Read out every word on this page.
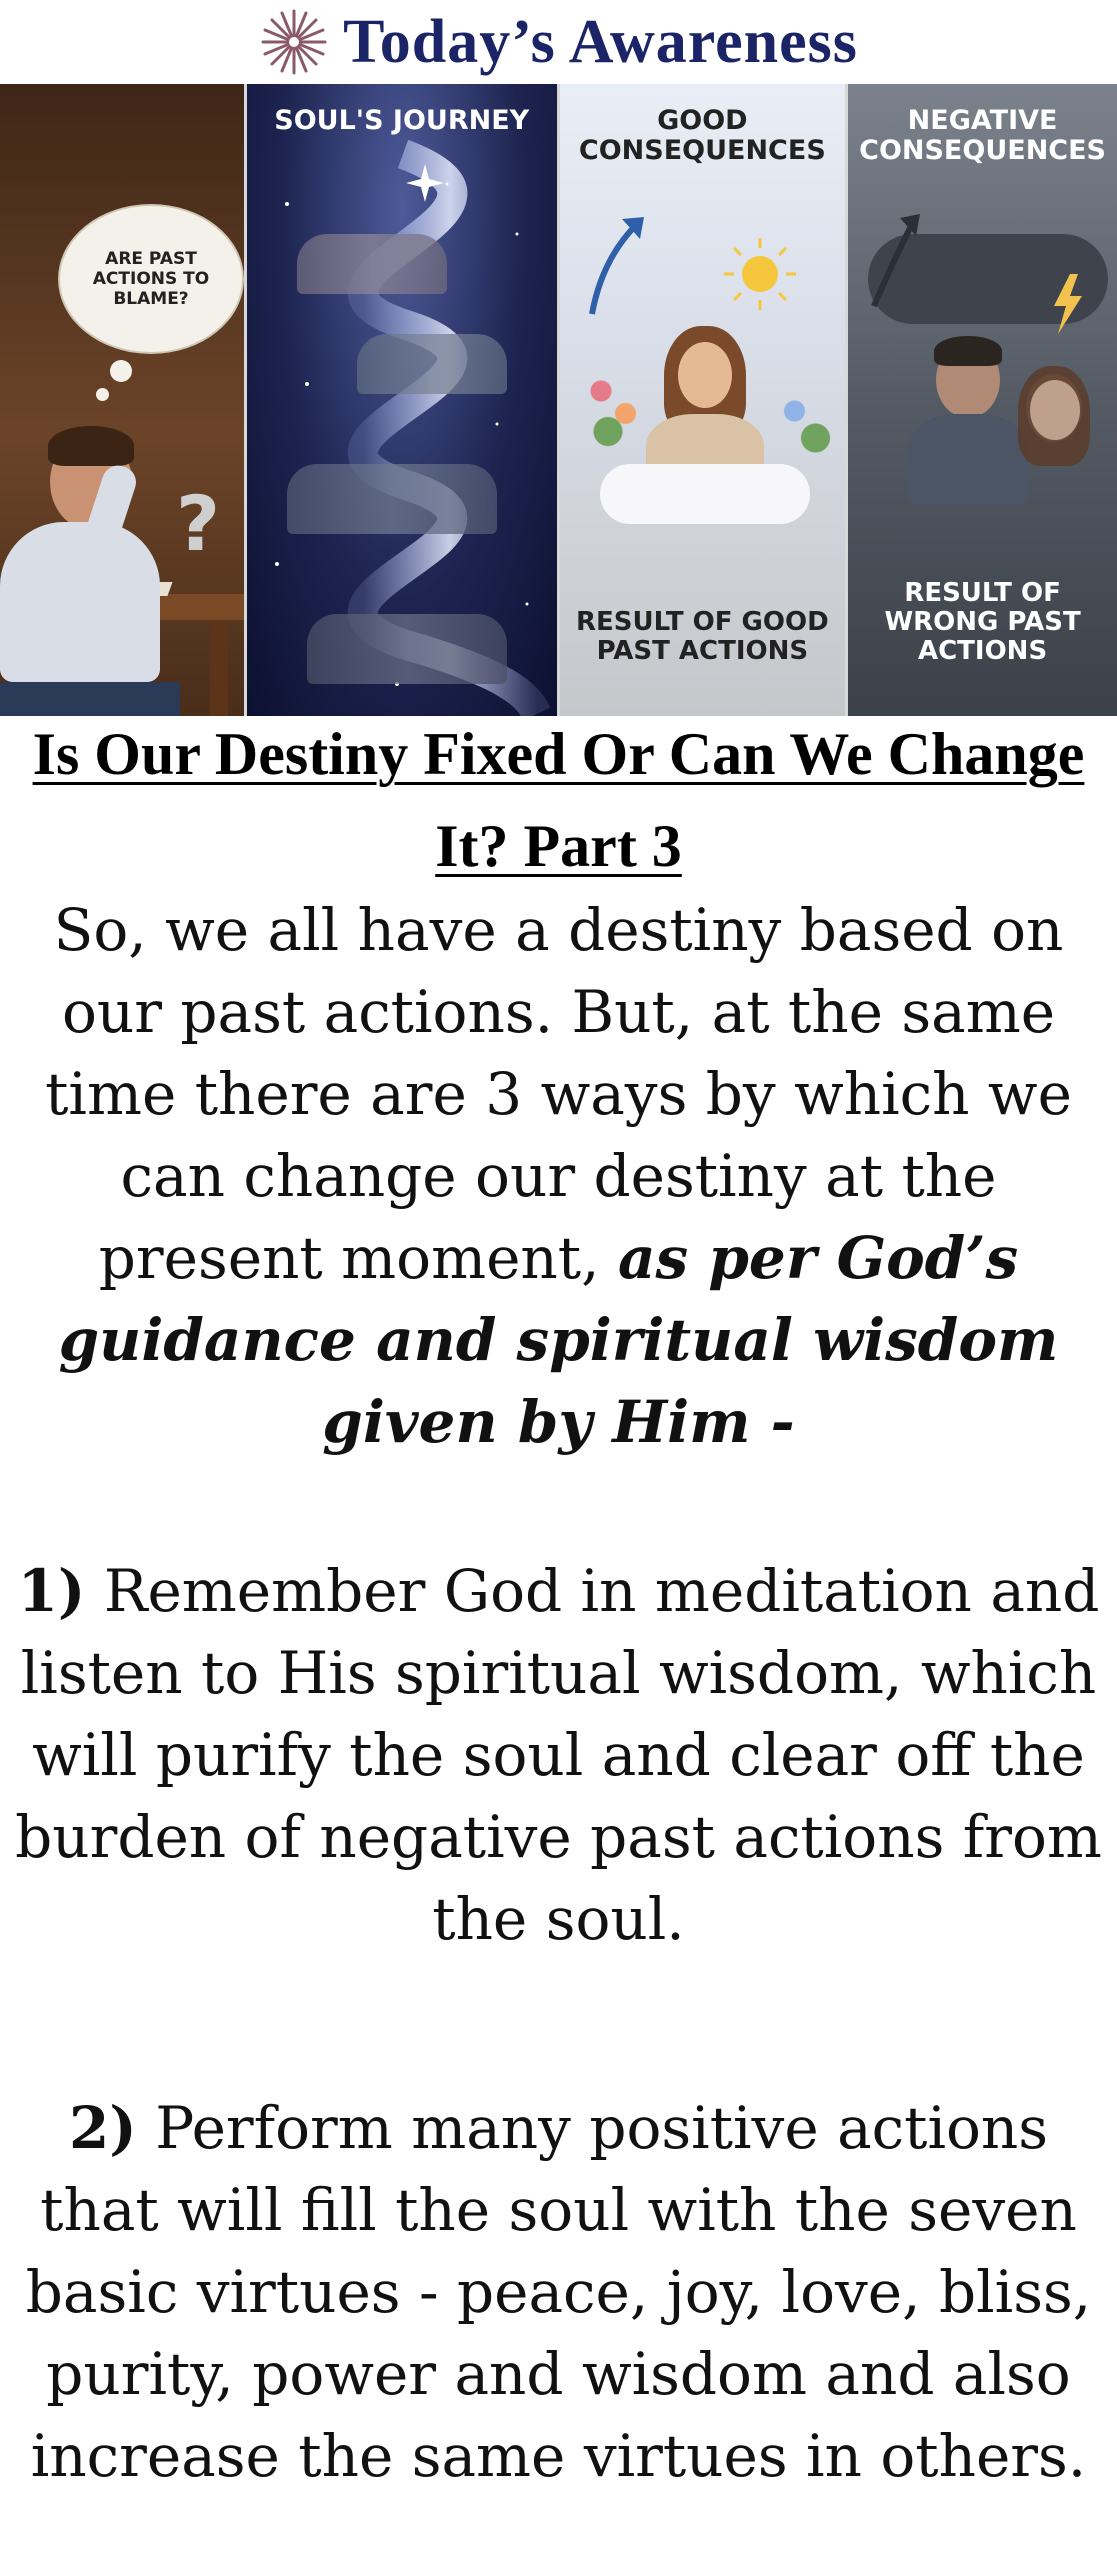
Today’s Awareness
ARE PAST ACTIONS TO BLAME?
?
SOUL'S JOURNEY	GOOD CONSEQUENCES
RESULT OF GOOD PAST ACTIONS
NEGATIVE CONSEQUENCES
RESULT OF WRONG PAST ACTIONS
Is Our Destiny Fixed Or Can We Change It? Part 3
So, we all have a destiny based on our past actions. But, at the same time there are 3 ways by which we can change our destiny at the present moment, as per God’s guidance and spiritual wisdom given by Him -
1) Remember God in meditation and listen to His spiritual wisdom, which will purify the soul and clear off the burden of negative past actions from the soul.
2) Perform many positive actions that will fill the soul with the seven basic virtues - peace, joy, love, bliss, purity, power and wisdom and also increase the same virtues in others.
